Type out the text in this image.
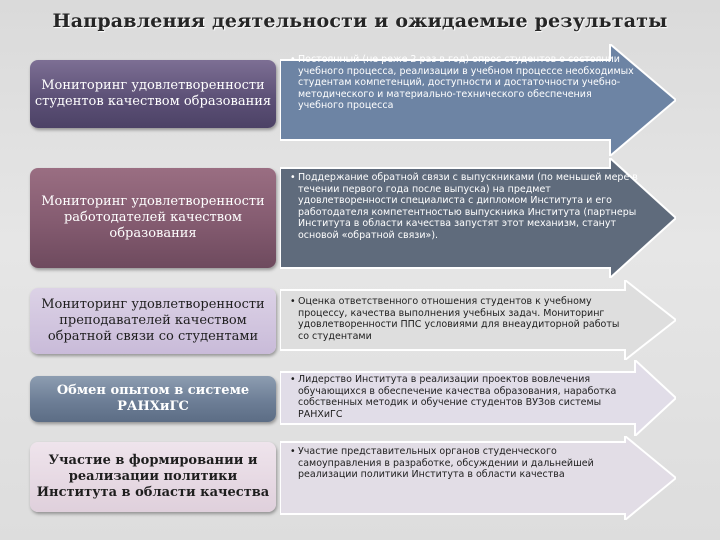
Направления деятельности и ожидаемые результаты
Мониторинг удовлетворенности студентов качеством образования
• Постоянный (не реже 2 раз в год) опрос студентов о состоянии учебного процесса, реализации в учебном процессе необходимых студентам компетенций, доступности и достаточности учебно-методического и материально-технического обеспечения учебного процесса
Мониторинг удовлетворенности работодателей качеством образования
• Поддержание обратной связи с выпускниками (по меньшей мере в течении первого года после выпуска) на предмет удовлетворенности специалиста с дипломом Института и его работодателя компетентностью выпускника Института (партнеры Института в области качества запустят этот механизм, станут основой «обратной связи»).
Мониторинг удовлетворенности преподавателей качеством обратной связи со студентами
• Оценка ответственного отношения студентов к учебному процессу, качества выполнения учебных задач. Мониторинг удовлетворенности ППС условиями для внеаудиторной работы со студентами
Обмен опытом в системе РАНХиГС
• Лидерство Института в реализации проектов вовлечения обучающихся в обеспечение качества образования, наработка собственных методик и обучение студентов ВУЗов системы РАНХиГС
Участие в формировании и реализации политики Института в области качества
• Участие представительных органов студенческого самоуправления в разработке, обсуждении и дальнейшей реализации политики Института в области качества
